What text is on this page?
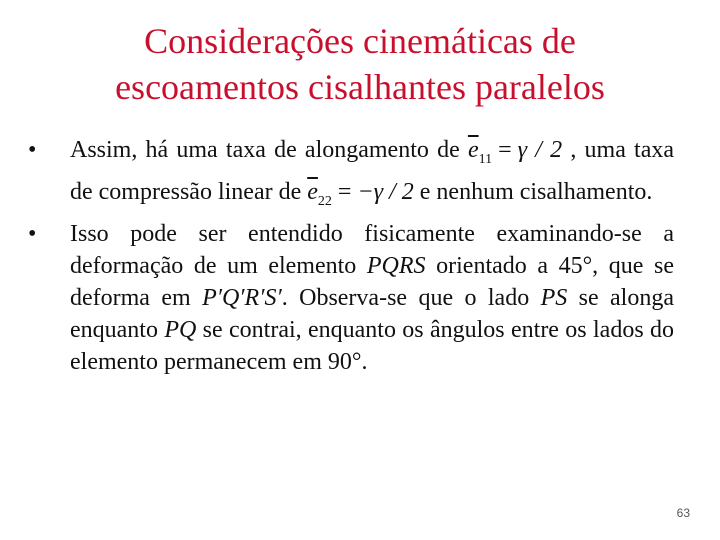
Considerações cinemáticas de
escoamentos cisalhantes paralelos
•	Assim, há uma taxa de alongamento de $\overline{e}_{11} = \gamma / 2$ , uma taxa de compressão linear de $\overline{e}_{22} = -\gamma / 2$ e nenhum cisalhamento.
•	Isso pode ser entendido fisicamente examinando-se a deformação de um elemento PQRS orientado a 45°, que se deforma em P′Q′R′S′. Observa-se que o lado PS se alonga enquanto PQ se contrai, enquanto os ângulos entre os lados do elemento permanecem em 90°.
63
